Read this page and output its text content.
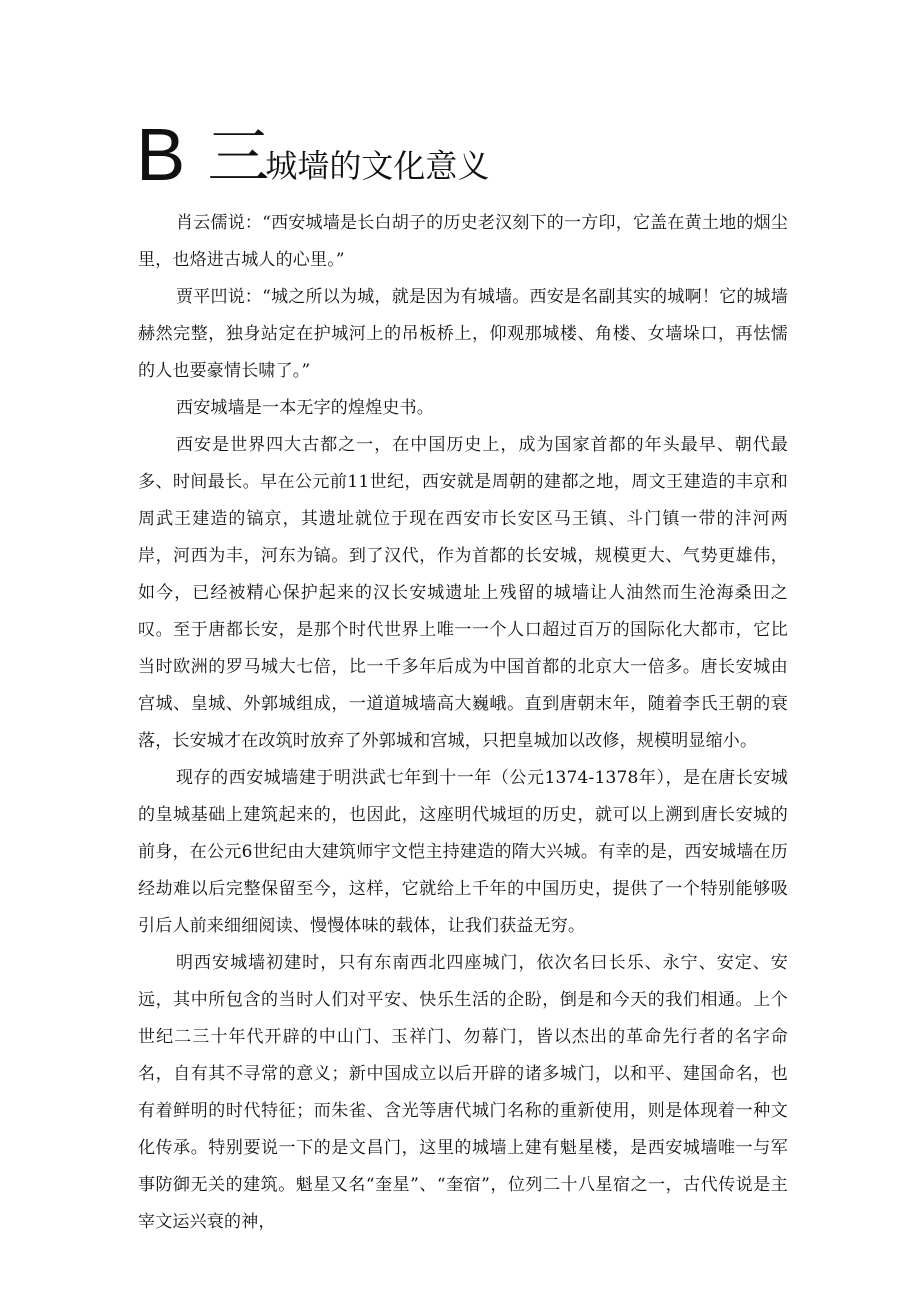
B 三城墙的文化意义

肖云儒说：“西安城墙是长白胡子的历史老汉刻下的一方印，它盖在黄土地的烟尘里，也烙进古城人的心里。”

贾平凹说：“城之所以为城，就是因为有城墙。西安是名副其实的城啊！它的城墙赫然完整，独身站定在护城河上的吊板桥上，仰观那城楼、角楼、女墙垛口，再怯懦的人也要豪情长啸了。”

西安城墙是一本无字的煌煌史书。

西安是世界四大古都之一，在中国历史上，成为国家首都的年头最早、朝代最多、时间最长。早在公元前11世纪，西安就是周朝的建都之地，周文王建造的丰京和周武王建造的镐京，其遗址就位于现在西安市长安区马王镇、斗门镇一带的沣河两岸，河西为丰，河东为镐。到了汉代，作为首都的长安城，规模更大、气势更雄伟，如今，已经被精心保护起来的汉长安城遗址上残留的城墙让人油然而生沧海桑田之叹。至于唐都长安，是那个时代世界上唯一一个人口超过百万的国际化大都市，它比当时欧洲的罗马城大七倍，比一千多年后成为中国首都的北京大一倍多。唐长安城由宫城、皇城、外郭城组成，一道道城墙高大巍峨。直到唐朝末年，随着李氏王朝的衰落，长安城才在改筑时放弃了外郭城和宫城，只把皇城加以改修，规模明显缩小。

现存的西安城墙建于明洪武七年到十一年（公元1374-1378年），是在唐长安城的皇城基础上建筑起来的，也因此，这座明代城垣的历史，就可以上溯到唐长安城的前身，在公元6世纪由大建筑师宇文恺主持建造的隋大兴城。有幸的是，西安城墙在历经劫难以后完整保留至今，这样，它就给上千年的中国历史，提供了一个特别能够吸引后人前来细细阅读、慢慢体味的载体，让我们获益无穷。

明西安城墙初建时，只有东南西北四座城门，依次名曰长乐、永宁、安定、安远，其中所包含的当时人们对平安、快乐生活的企盼，倒是和今天的我们相通。上个世纪二三十年代开辟的中山门、玉祥门、勿幕门，皆以杰出的革命先行者的名字命名，自有其不寻常的意义；新中国成立以后开辟的诸多城门，以和平、建国命名，也有着鲜明的时代特征；而朱雀、含光等唐代城门名称的重新使用，则是体现着一种文化传承。特别要说一下的是文昌门，这里的城墙上建有魁星楼，是西安城墙唯一与军事防御无关的建筑。魁星又名“奎星”、“奎宿”，位列二十八星宿之一，古代传说是主宰文运兴衰的神，
